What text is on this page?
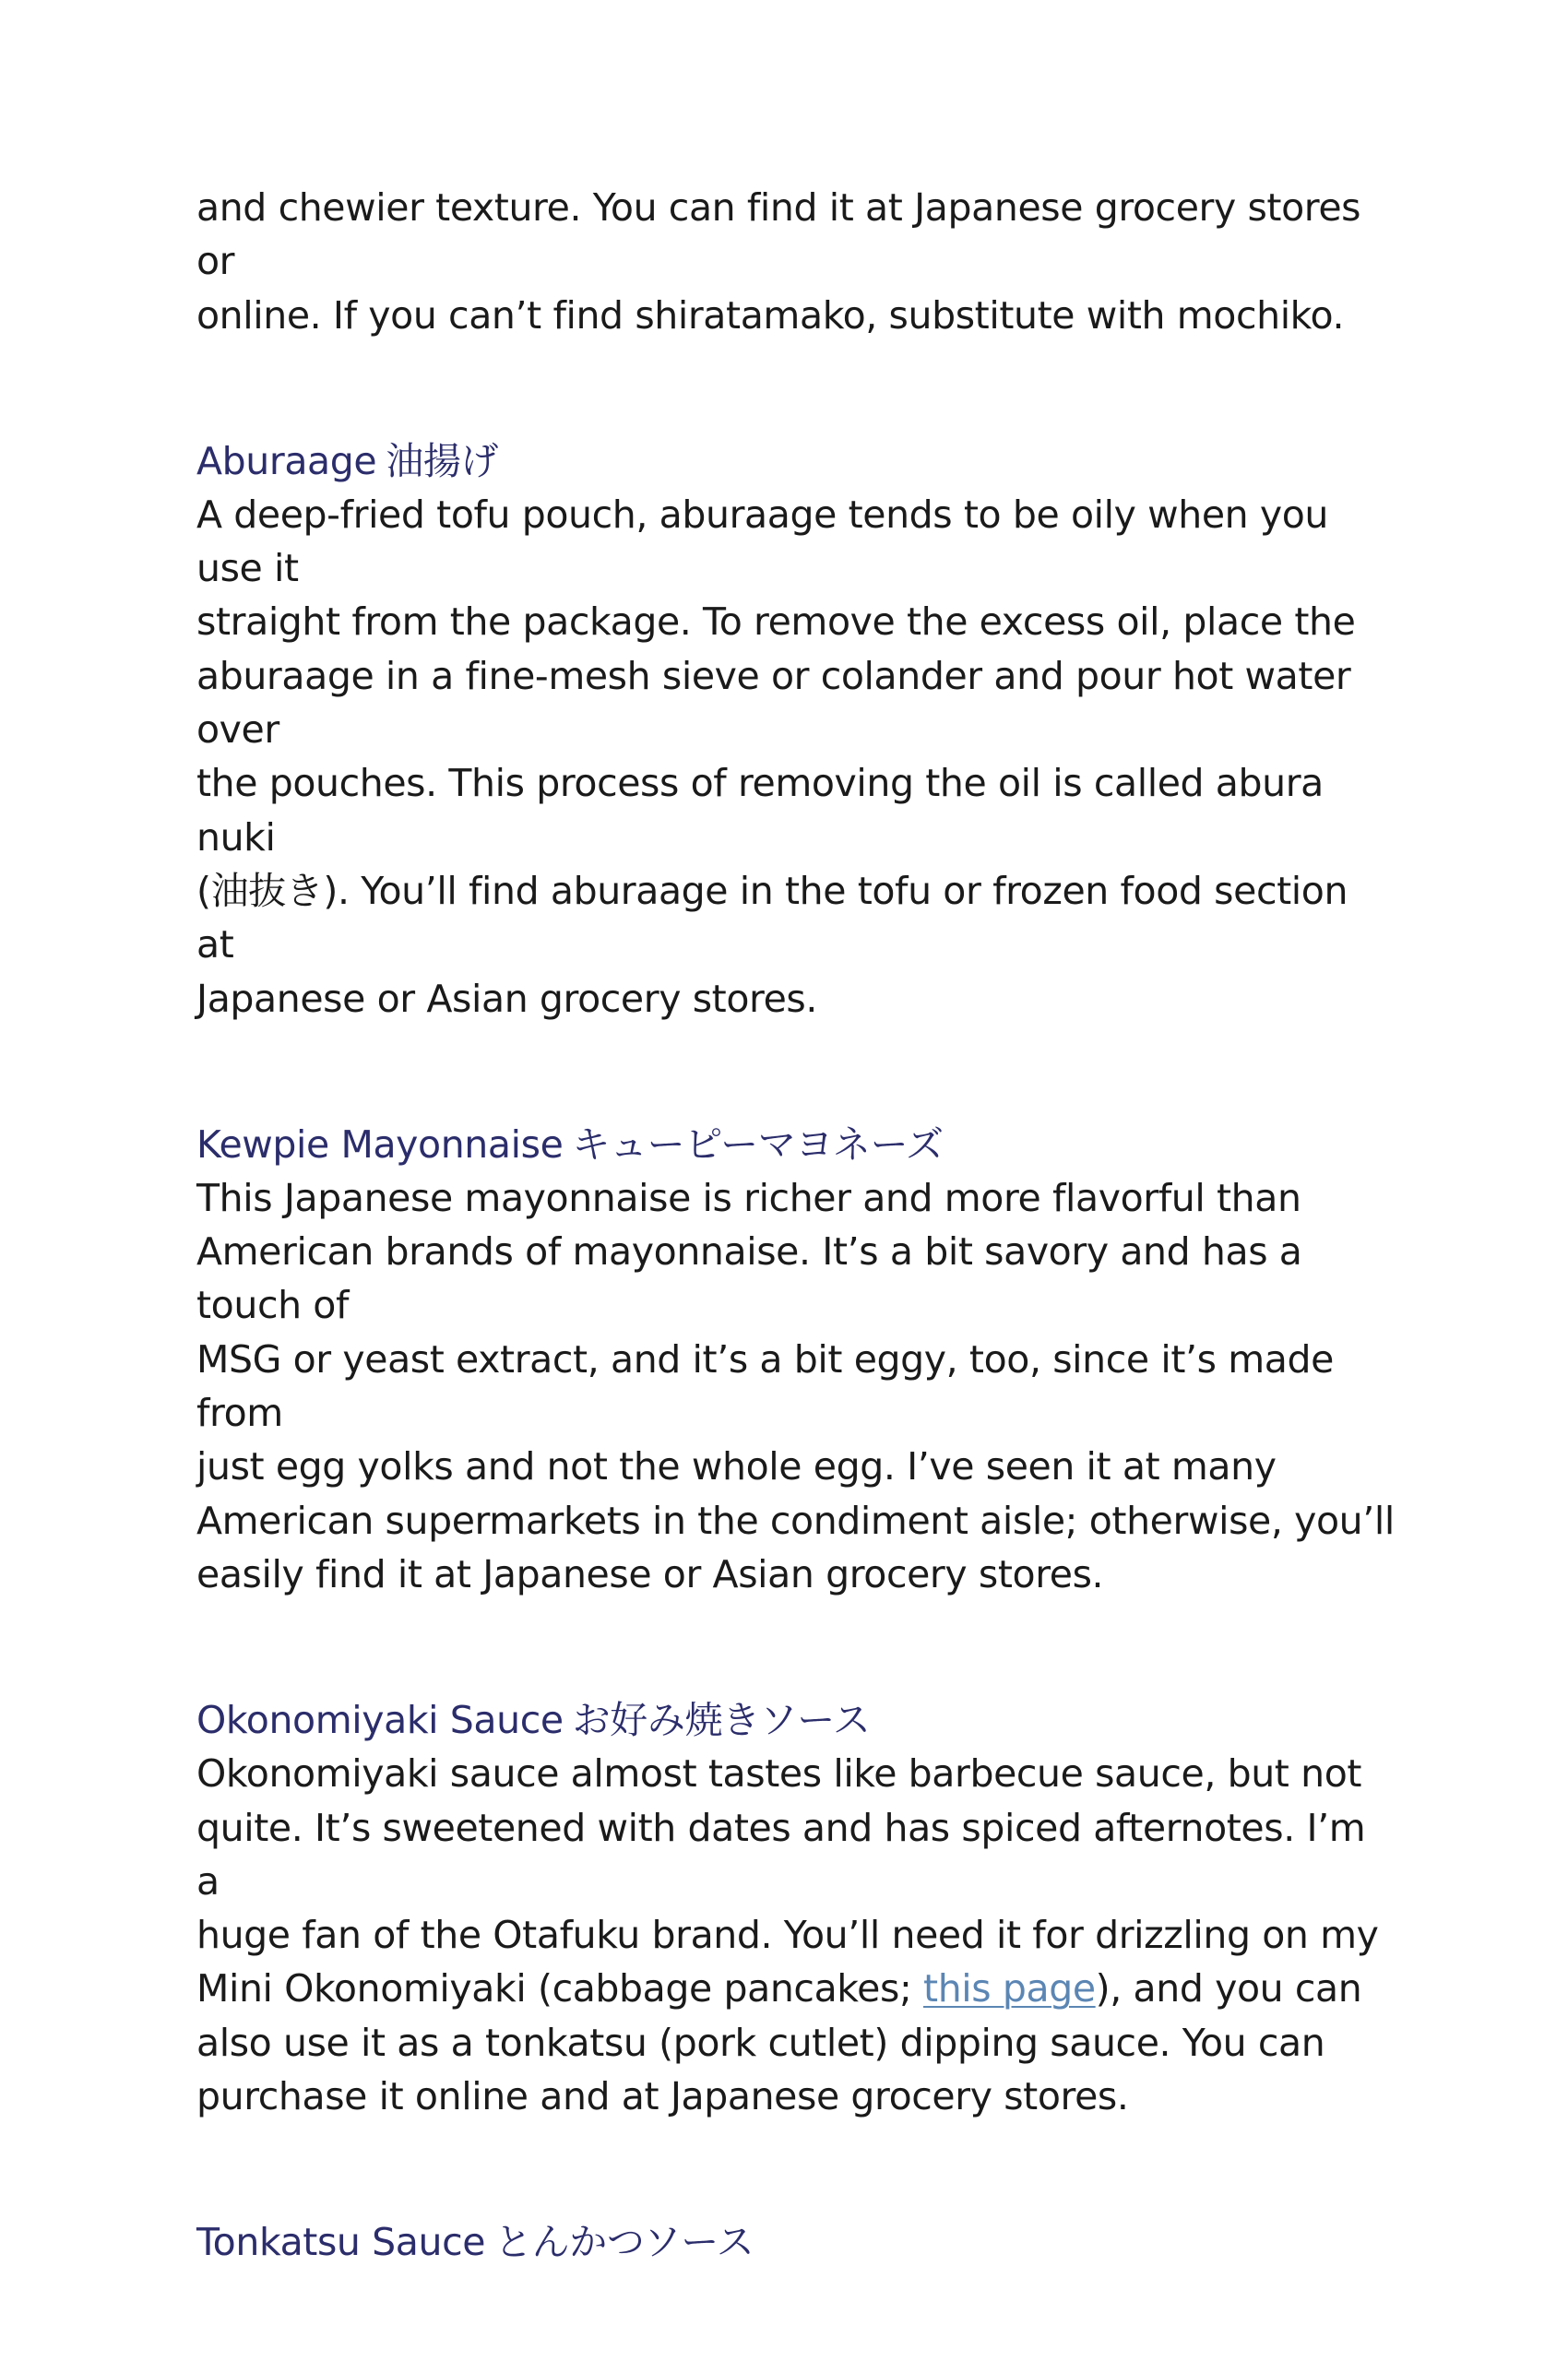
and chewier texture. You can find it at Japanese grocery stores or
online. If you can’t find shiratamako, substitute with mochiko.

Aburaage 油揚げ

A deep-fried tofu pouch, aburaage tends to be oily when you use it
straight from the package. To remove the excess oil, place the
aburaage in a fine-mesh sieve or colander and pour hot water over
the pouches. This process of removing the oil is called abura nuki
(油抜き). You’ll find aburaage in the tofu or frozen food section at
Japanese or Asian grocery stores.

Kewpie Mayonnaise キューピーマヨネーズ

This Japanese mayonnaise is richer and more flavorful than
American brands of mayonnaise. It’s a bit savory and has a touch of
MSG or yeast extract, and it’s a bit eggy, too, since it’s made from
just egg yolks and not the whole egg. I’ve seen it at many
American supermarkets in the condiment aisle; otherwise, you’ll
easily find it at Japanese or Asian grocery stores.

Okonomiyaki Sauce お好み焼きソース

Okonomiyaki sauce almost tastes like barbecue sauce, but not
quite. It’s sweetened with dates and has spiced afternotes. I’m a
huge fan of the Otafuku brand. You’ll need it for drizzling on my
Mini Okonomiyaki (cabbage pancakes; this page), and you can
also use it as a tonkatsu (pork cutlet) dipping sauce. You can
purchase it online and at Japanese grocery stores.

Tonkatsu Sauce とんかつソース
